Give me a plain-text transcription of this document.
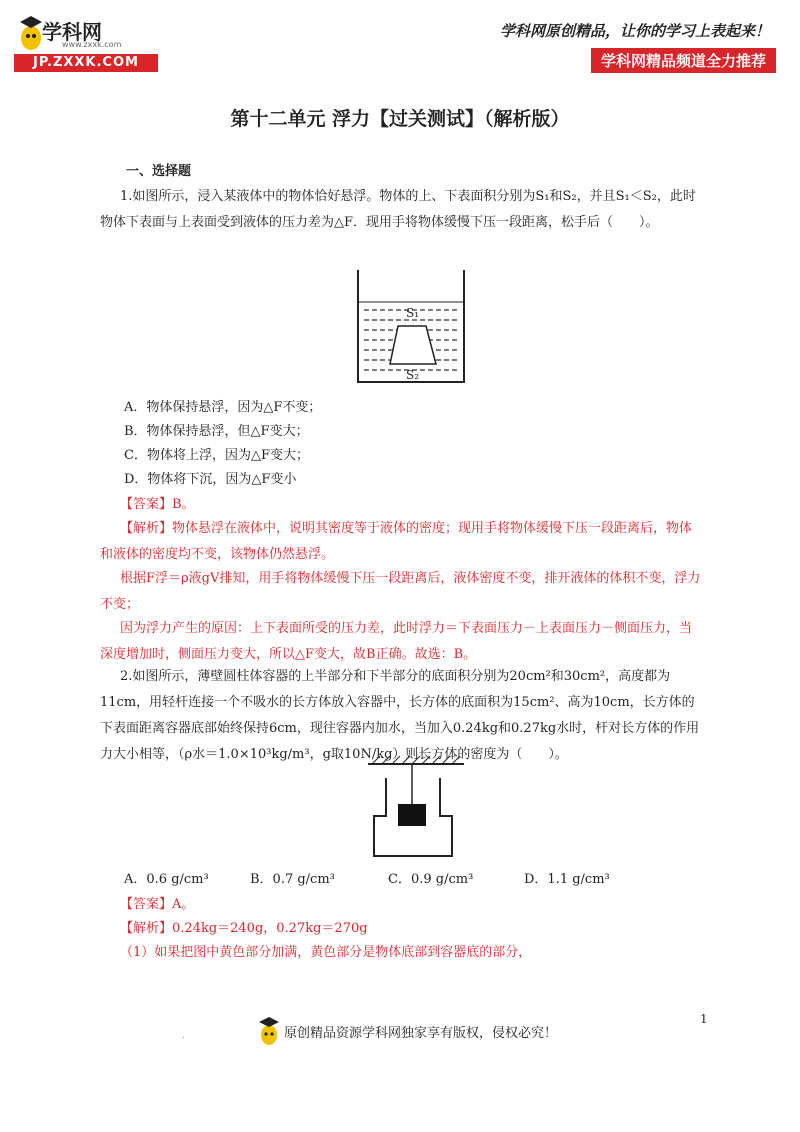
学科网
www.zxxk.com
JP.ZXXK.COM
学科网原创精品，让你的学习上表起来！
学科网精品频道全力推荐
第十二单元 浮力【过关测试】（解析版）
一、选择题
1.如图所示，浸入某液体中的物体恰好悬浮。物体的上、下表面积分别为S₁和S₂，并且S₁＜S₂，此时物体下表面与上表面受到液体的压力差为△F．现用手将物体缓慢下压一段距离，松手后（　　）。
S₁
S₂
A．物体保持悬浮，因为△F不变；
B．物体保持悬浮，但△F变大；
C．物体将上浮，因为△F变大；
D．物体将下沉，因为△F变小
【答案】B。
【解析】物体悬浮在液体中，说明其密度等于液体的密度；现用手将物体缓慢下压一段距离后，物体和液体的密度均不变，该物体仍然悬浮。
根据F浮＝ρ液gV排知，用手将物体缓慢下压一段距离后，液体密度不变，排开液体的体积不变，浮力不变；
因为浮力产生的原因：上下表面所受的压力差，此时浮力＝下表面压力－上表面压力－侧面压力，当深度增加时，侧面压力变大，所以△F变大，故B正确。故选：B。
2.如图所示，薄壁圆柱体容器的上半部分和下半部分的底面积分别为20cm²和30cm²，高度都为11cm，用轻杆连接一个不吸水的长方体放入容器中，长方体的底面积为15cm²、高为10cm，长方体的下表面距离容器底部始终保持6cm，现往容器内加水，当加入0.24kg和0.27kg水时，杆对长方体的作用力大小相等，（ρ水＝1.0×10³kg/m³，g取10N/kg）则长方体的密度为（　　）。
A．0.6 g/cm³	B．0.7 g/cm³	C．0.9 g/cm³	D．1.1 g/cm³
【答案】A。
【解析】0.24kg＝240g，0.27kg＝270g
（1）如果把图中黄色部分加满，黄色部分是物体底部到容器底的部分，
原创精品资源学科网独家享有版权，侵权必究！
1
.
